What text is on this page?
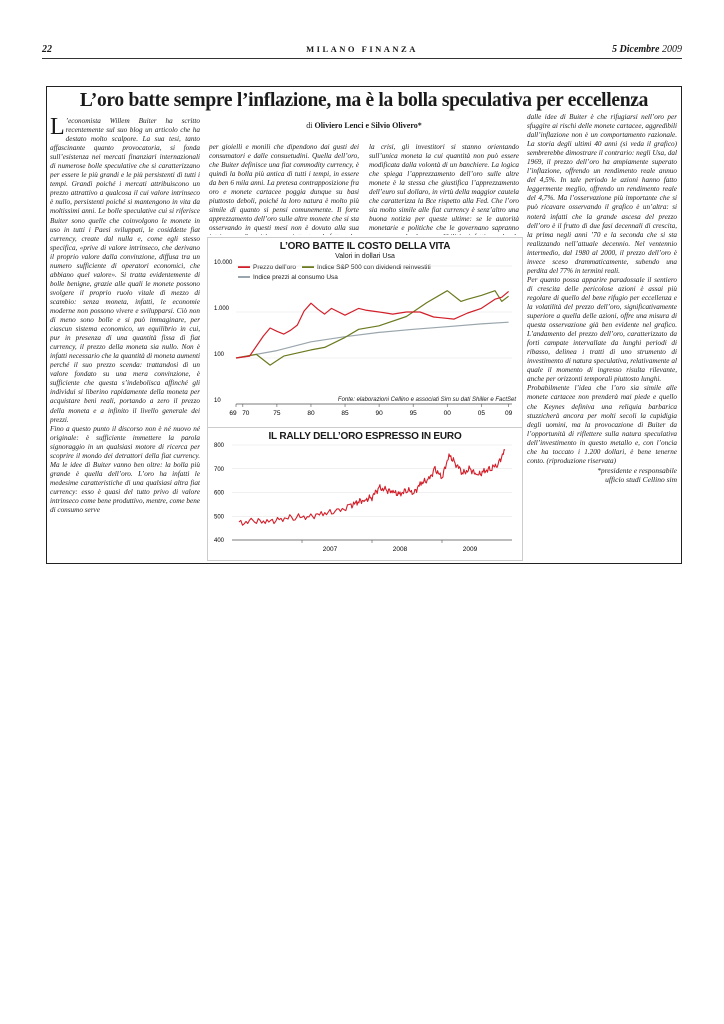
22	MILANO FINANZA	5 Dicembre 2009
L’oro batte sempre l’inflazione, ma è la bolla speculativa per eccellenza

L ’economista Willem Buiter ha scritto recentemente sul suo blog un articolo che ha destato molto scalpore. La sua tesi, tanto affascinante quanto provocatoria, si fonda sull’esistenza nei mercati finanziari internazionali di numerose bolle speculative che si caratterizzano per essere le più grandi e le più persistenti di tutti i tempi. Grandi poiché i mercati attribuiscono un prezzo attrattivo a qualcosa il cui valore intrinseco è nullo, persistenti poiché si mantengono in vita da moltissimi anni. Le bolle speculative cui si riferisce Buiter sono quelle che coinvolgono le monete in uso in tutti i Paesi sviluppati, le cosiddette fiat currency, create dal nulla e, come egli stesso specifica, «prive di valore intrinseco, che derivano il proprio valore dalla convinzione, diffusa tra un numero sufficiente di operatori economici, che abbiano quel valore». Si tratta evidentemente di bolle benigne, grazie alle quali le monete possono svolgere il proprio ruolo vitale di mezzo di scambio: senza moneta, infatti, le economie moderne non possono vivere e svilupparsi. Ciò non di meno sono bolle e si può immaginare, per ciascun sistema economico, un equilibrio in cui, pur in presenza di una quantità fissa di fiat currency, il prezzo della moneta sia nullo. Non è infatti necessario che la quantità di moneta aumenti perché il suo prezzo scenda: trattandosi di un valore fondato su una mera convinzione, è sufficiente che questa s’indebolisca affinché gli individui si liberino rapidamente della moneta per acquistare beni reali, portando a zero il prezzo della moneta e a infinito il livello generale dei prezzi.

Fino a questo punto il discorso non è né nuovo né originale: è sufficiente immettere la parola signoraggio in un qualsiasi motore di ricerca per scoprire il mondo dei detrattori della fiat currency. Ma le idee di Buiter vanno ben oltre: la bolla più grande è quella dell’oro. L’oro ha infatti le medesime caratteristiche di una qualsiasi altra fiat currency: esso è quasi del tutto privo di valore intrinseco come bene produttivo, mentre, come bene di consumo serve

di Oliviero Lenci e Silvio Olivero*

per gioielli e monili che dipendono dai gusti dei consumatori e dalle consuetudini. Quella dell’oro, che Buiter definisce una fiat commodity currency, è quindi la bolla più antica di tutti i tempi, in essere da ben 6 mila anni. La pretesa contrapposizione fra oro e monete cartacee poggia dunque su basi piuttosto deboli, poiché la loro natura è molto più simile di quanto si pensi comunemente. Il forte apprezzamento dell’oro sulle altre monete che si sta osservando in questi mesi non è dovuto alla sua

la crisi, gli investitori si stanno orientando sull’unica moneta la cui quantità non può essere modificata dalla volontà di un banchiere. La logica che spiega l’apprezzamento dell’oro sulle altre monete è la stessa che giustifica l’apprezzamento dell’euro sul dollaro, in virtù della maggior cautela che caratterizza la Bce rispetto alla Fed. Che l’oro sia molto simile alle fiat currency è senz’altro una buona notizia per queste ultime: se le autorità monetarie e politiche che le governano sapranno

L’ORO BATTE IL COSTO DELLA VITA
Valori in dollari Usa
Prezzo dell’oro	Indice S&P 500 con dividendi reinvestiti
Indice prezzi al consumo Usa
10.000
1.000
100
10
69 70	75	80	85	90	95	00	05	09
Fonte: elaborazioni Cellino e associati Sim su dati Shiller e FactSet
IL RALLY DELL’ORO ESPRESSO IN EURO
800
700
600
500
400
2007	2008	2009

dalle idee di Buiter è che rifugiarsi nell’oro per sfuggire ai rischi delle monete cartacee, aggredibili dall’inflazione non è un comportamento razionale. La storia degli ultimi 40 anni (si veda il grafico) sembrerebbe dimostrare il contrario: negli Usa, dal 1969, il prezzo dell’oro ha ampiamente superato l’inflazione, offrendo un rendimento reale annuo del 4,5%. In tale periodo le azioni hanno fatto leggermente meglio, offrendo un rendimento reale del 4,7%. Ma l’osservazione più importante che si può ricavare osservando il grafico è un’altra: si noterà infatti che la grande ascesa del prezzo dell’oro è il frutto di due fasi decennali di crescita, la prima negli anni ’70 e la seconda che si sta realizzando nell’attuale decennio. Nel ventennio intermedio, dal 1980 al 2000, il prezzo dell’oro è invece sceso drammaticamente, subendo una perdita del 77% in termini reali.

Per quanto possa apparire paradossale il sentiero di crescita delle pericolose azioni è assai più regolare di quello del bene rifugio per eccellenza e la volatilità del prezzo dell’oro, significativamente superiore a quella delle azioni, offre una misura di questa osservazione già ben evidente nel grafico. L’andamento del prezzo dell’oro, caratterizzato da forti campate intervallate da lunghi periodi di ribasso, delinea i tratti di uno strumento di investimento di natura speculativa, relativamente al quale il momento di ingresso risulta rilevante, anche per orizzonti temporali piuttosto lunghi.

Probabilmente l’idea che l’oro sia simile alle monete cartacee non prenderà mai piede e quello che Keynes definiva una reliquia barbarica stuzzicherà ancora per molti secoli la cupidigia degli uomini, ma la provocazione di Buiter da l’opportunità di riflettere sulla natura speculativa dell’investimento in questo metallo e, con l’oncia che ha toccato i 1.200 dollari, è bene tenerne conto. (riproduzione riservata)

*presidente e responsabile

ufficio studi Cellino sim
